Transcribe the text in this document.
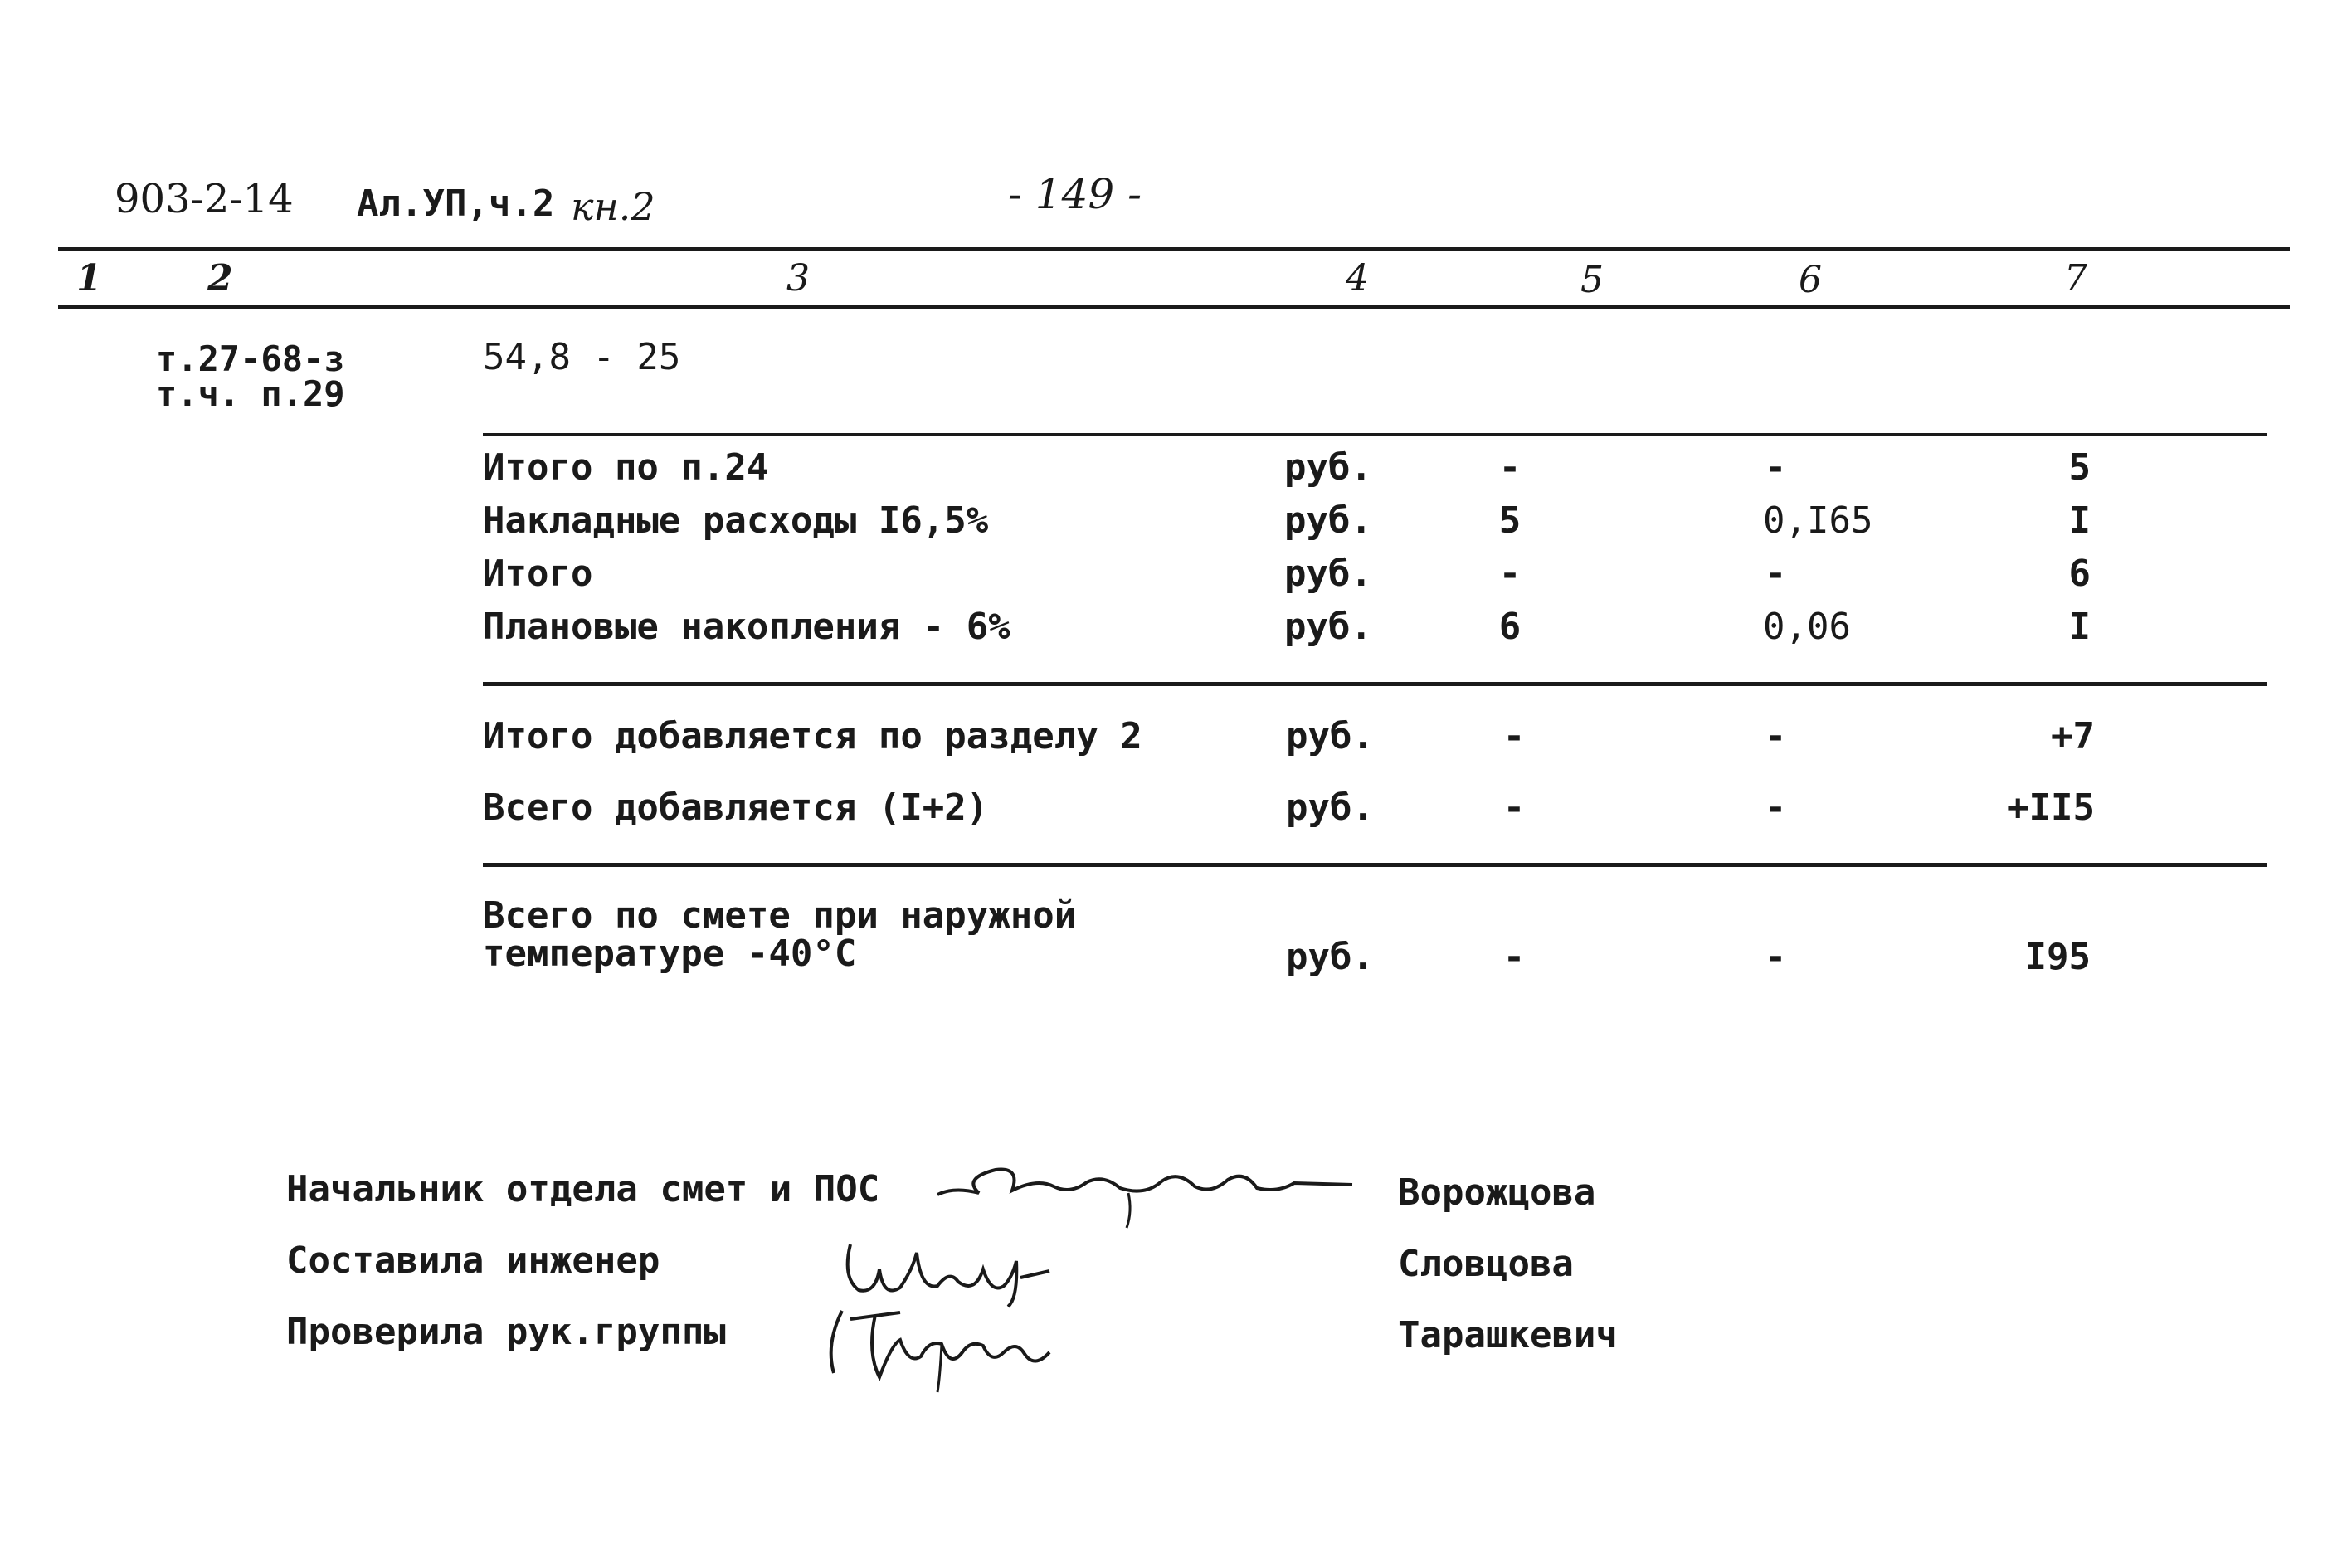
903-2-14 Ал.УП,ч.2 кн.2	- 149 -
1	2	3	4	5	6	7
т.27-68-з
т.ч. п.29
54,8 - 25
Итого по п.24	руб.	-	-	5
Накладные расходы I6,5%	руб.	5	0,I65	I
Итого	руб.	-	-	6
Плановые накопления - 6%	руб.	6	0,06	I
Итого добавляется по разделу 2	руб.	-	-	+7
Всего добавляется (I+2)	руб.	-	-	+II5
Всего по смете при наружной
температуре -40°С	руб.	-	-	I95
Начальник отдела смет и ПОС	Ворожцова
Составила инженер	Словцова
Проверила рук.группы	Тарашкевич
